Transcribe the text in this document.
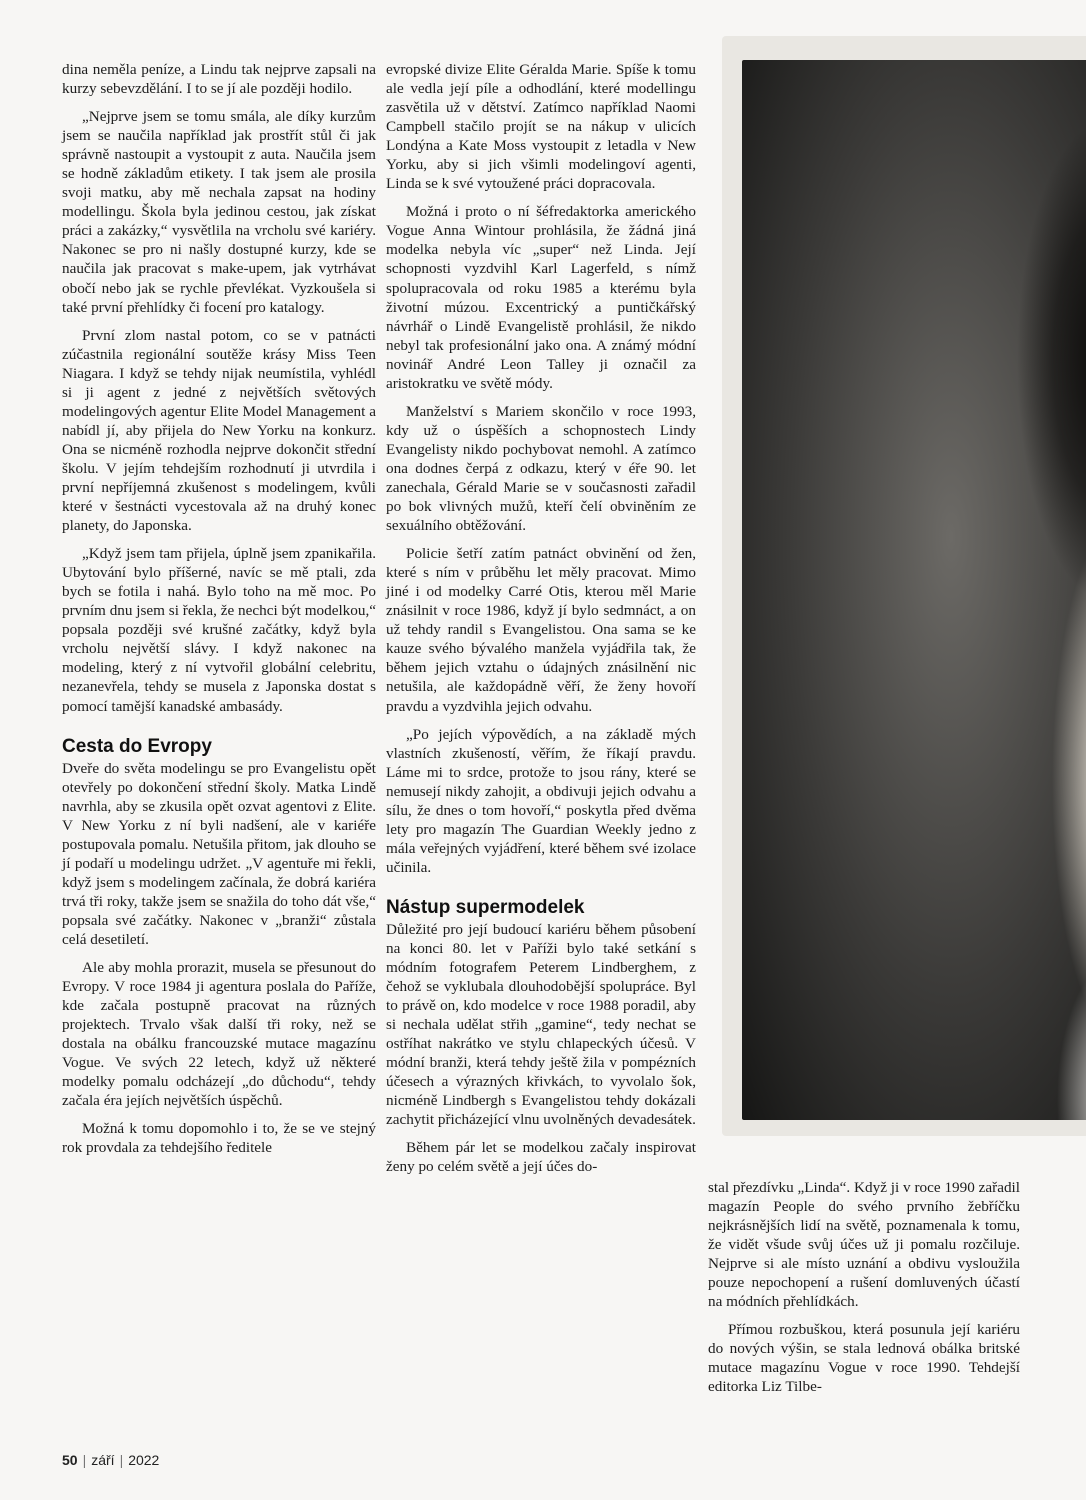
dina neměla peníze, a Lindu tak nejprve zapsali na kurzy sebevzdělání. I to se jí ale později hodilo.

„Nejprve jsem se tomu smála, ale díky kurzům jsem se naučila například jak prostřít stůl či jak správně nastoupit a vystoupit z auta. Naučila jsem se hodně základům etikety. I tak jsem ale prosila svoji matku, aby mě nechala zapsat na hodiny modellingu. Škola byla jedinou cestou, jak získat práci a zakázky,“ vysvětlila na vrcholu své kariéry. Nakonec se pro ni našly dostupné kurzy, kde se naučila jak pracovat s make-upem, jak vytrhávat obočí nebo jak se rychle převlékat. Vyzkoušela si také první přehlídky či focení pro katalogy.

První zlom nastal potom, co se v patnácti zúčastnila regionální soutěže krásy Miss Teen Niagara. I když se tehdy nijak neumístila, vyhlédl si ji agent z jedné z největších světových modelingových agentur Elite Model Management a nabídl jí, aby přijela do New Yorku na konkurz. Ona se nicméně rozhodla nejprve dokončit střední školu. V jejím tehdejším rozhodnutí ji utvrdila i první nepříjemná zkušenost s modelingem, kvůli které v šestnácti vycestovala až na druhý konec planety, do Japonska.

„Když jsem tam přijela, úplně jsem zpanikařila. Ubytování bylo příšerné, navíc se mě ptali, zda bych se fotila i nahá. Bylo toho na mě moc. Po prvním dnu jsem si řekla, že nechci být modelkou,“ popsala později své krušné začátky, když byla vrcholu největší slávy. I když nakonec na modeling, který z ní vytvořil globální celebritu, nezanevřela, tehdy se musela z Japonska dostat s pomocí tamější kanadské ambasády.

Cesta do Evropy

Dveře do světa modelingu se pro Evangelistu opět otevřely po dokončení střední školy. Matka Lindě navrhla, aby se zkusila opět ozvat agentovi z Elite. V New Yorku z ní byli nadšení, ale v kariéře postupovala pomalu. Netušila přitom, jak dlouho se jí podaří u modelingu udržet. „V agentuře mi řekli, když jsem s modelingem začínala, že dobrá kariéra trvá tři roky, takže jsem se snažila do toho dát vše,“ popsala své začátky. Nakonec v „branži“ zůstala celá desetiletí.

Ale aby mohla prorazit, musela se přesunout do Evropy. V roce 1984 ji agentura poslala do Paříže, kde začala postupně pracovat na různých projektech. Trvalo však další tři roky, než se dostala na obálku francouzské mutace magazínu Vogue. Ve svých 22 letech, když už některé modelky pomalu odcházejí „do důchodu“, tehdy začala éra jejích největších úspěchů.

Možná k tomu dopomohlo i to, že se ve stejný rok provdala za tehdejšího ředitele

evropské divize Elite Géralda Marie. Spíše k tomu ale vedla její píle a odhodlání, které modellingu zasvětila už v dětství. Zatímco například Naomi Campbell stačilo projít se na nákup v ulicích Londýna a Kate Moss vystoupit z letadla v New Yorku, aby si jich všimli modelingoví agenti, Linda se k své vytoužené práci dopracovala.

Možná i proto o ní šéfredaktorka amerického Vogue Anna Wintour prohlásila, že žádná jiná modelka nebyla víc „super“ než Linda. Její schopnosti vyzdvihl Karl Lagerfeld, s nímž spolupracovala od roku 1985 a kterému byla životní múzou. Excentrický a puntičkářský návrhář o Lindě Evangelistě prohlásil, že nikdo nebyl tak profesionální jako ona. A známý módní novinář André Leon Talley ji označil za aristokratku ve světě módy.

Manželství s Mariem skončilo v roce 1993, kdy už o úspěších a schopnostech Lindy Evangelisty nikdo pochybovat nemohl. A zatímco ona dodnes čerpá z odkazu, který v éře 90. let zanechala, Gérald Marie se v současnosti zařadil po bok vlivných mužů, kteří čelí obviněním ze sexuálního obtěžování.

Policie šetří zatím patnáct obvinění od žen, které s ním v průběhu let měly pracovat. Mimo jiné i od modelky Carré Otis, kterou měl Marie znásilnit v roce 1986, když jí bylo sedmnáct, a on už tehdy randil s Evangelistou. Ona sama se ke kauze svého bývalého manžela vyjádřila tak, že během jejich vztahu o údajných znásilnění nic netušila, ale každopádně věří, že ženy hovoří pravdu a vyzdvihla jejich odvahu.

„Po jejích výpovědích, a na základě mých vlastních zkušeností, věřím, že říkají pravdu. Láme mi to srdce, protože to jsou rány, které se nemusejí nikdy zahojit, a obdivuji jejich odvahu a sílu, že dnes o tom hovoří,“ poskytla před dvěma lety pro magazín The Guardian Weekly jedno z mála veřejných vyjádření, které během své izolace učinila.

Nástup supermodelek

Důležité pro její budoucí kariéru během působení na konci 80. let v Paříži bylo také setkání s módním fotografem Peterem Lindberghem, z čehož se vyklubala dlouhodobější spolupráce. Byl to právě on, kdo modelce v roce 1988 poradil, aby si nechala udělat střih „gamine“, tedy nechat se ostříhat nakrátko ve stylu chlapeckých účesů. V módní branži, která tehdy ještě žila v pompézních účesech a výrazných křivkách, to vyvolalo šok, nicméně Lindbergh s Evangelistou tehdy dokázali zachytit přicházející vlnu uvolněných devadesátek.

Během pár let se modelkou začaly inspirovat ženy po celém světě a její účes do-

stal přezdívku „Linda“. Když ji v roce 1990 zařadil magazín People do svého prvního žebříčku nejkrásnějších lidí na světě, poznamenala k tomu, že vidět všude svůj účes už ji pomalu rozčiluje. Nejprve si ale místo uznání a obdivu vysloužila pouze nepochopení a rušení domluvených účastí na módních přehlídkách.

Přímou rozbuškou, která posunula její kariéru do nových výšin, se stala lednová obálka britské mutace magazínu Vogue v roce 1990. Tehdejší editorka Liz Tilbe-

50 | září | 2022
